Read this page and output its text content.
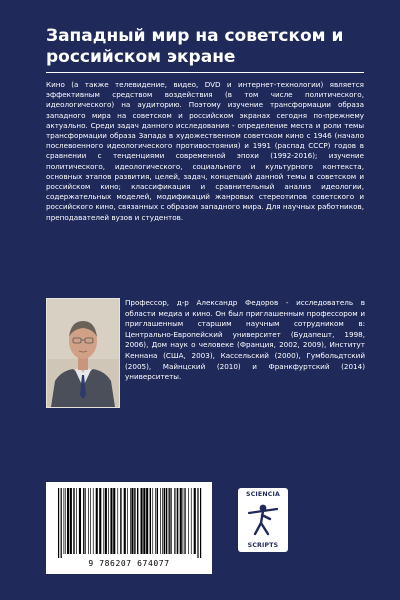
Западный мир на советском и российском экране
Кино (а также телевидение, видео, DVD и интернет-технологии) является эффективным средством воздействия (в том числе политического, идеологического) на аудиторию. Поэтому изучение трансформации образа западного мира на советском и российском экранах сегодня по-прежнему актуально. Среди задач данного исследования - определение места и роли темы трансформации образа Запада в художественном советском кино с 1946 (начало послевоенного идеологического противостояния) и 1991 (распад СССР) годов в сравнении с тенденциями современной эпохи (1992-2016); изучение политического, идеологического, социального и культурного контекста, основных этапов развития, целей, задач, концепций данной темы в советском и российском кино; классификация и сравнительный анализ идеологии, содержательных моделей, модификаций жанровых стереотипов советского и российского кино, связанных с образом западного мира. Для научных работников, преподавателей вузов и студентов.
Профессор, д-р Александр Федоров - исследователь в области медиа и кино. Он был приглашенным профессором и приглашенным старшим научным сотрудником в: Центрально-Европейский университет (Будапешт, 1998, 2006), Дом наук о человеке (Франция, 2002, 2009), Институт Кеннана (США, 2003), Кассельский (2000), Гумбольдтский (2005), Майнцский (2010) и Франкфуртский (2014) университеты.
9 786207 674077
SCIENCIA
SCRIPTS
